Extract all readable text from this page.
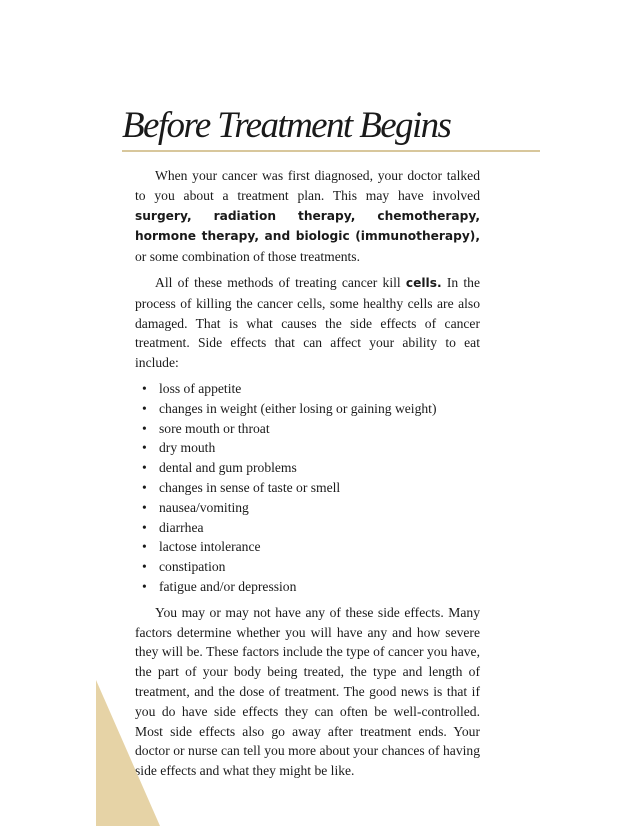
Before Treatment Begins

When your cancer was first diagnosed, your doctor talked to you about a treatment plan. This may have involved surgery, radiation therapy, chemotherapy, hormone therapy, and biologic (immunotherapy), or some combination of those treatments.

All of these methods of treating cancer kill cells. In the process of killing the cancer cells, some healthy cells are also damaged. That is what causes the side effects of cancer treatment. Side effects that can affect your ability to eat include:

• loss of appetite
• changes in weight (either losing or gaining weight)
• sore mouth or throat
• dry mouth
• dental and gum problems
• changes in sense of taste or smell
• nausea/vomiting
• diarrhea
• lactose intolerance
• constipation
• fatigue and/or depression

You may or may not have any of these side effects. Many factors determine whether you will have any and how severe they will be. These factors include the type of cancer you have, the part of your body being treated, the type and length of treatment, and the dose of treatment. The good news is that if you do have side effects they can often be well-controlled. Most side effects also go away after treatment ends. Your doctor or nurse can tell you more about your chances of having side effects and what they might be like.

4
